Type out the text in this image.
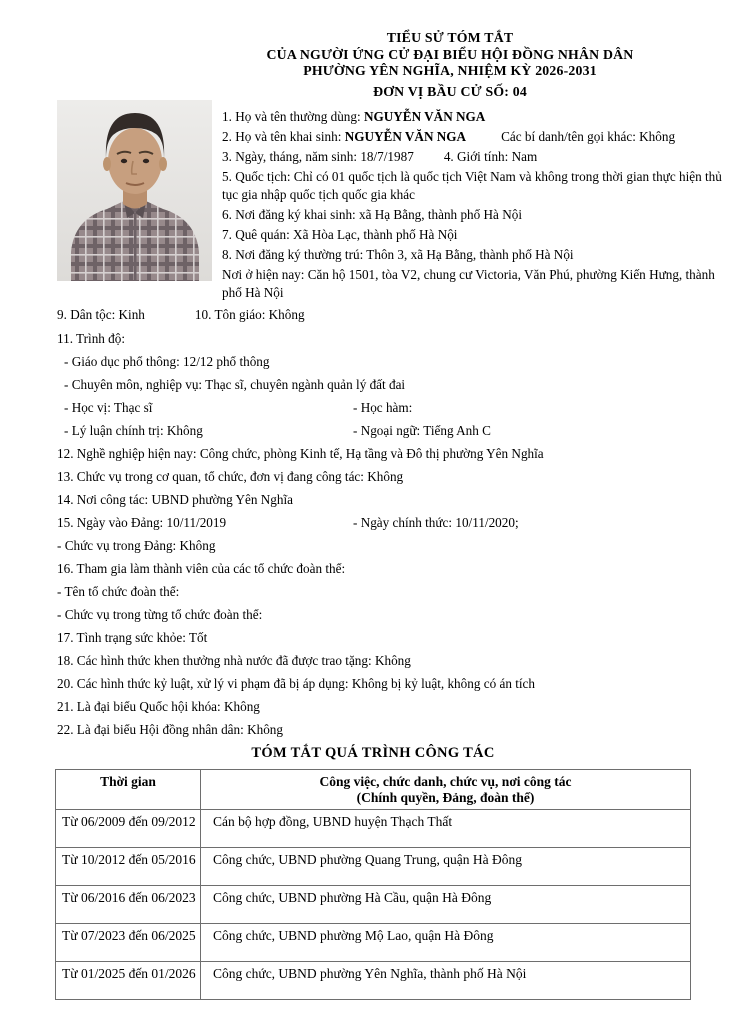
TIỂU SỬ TÓM TẮT
CỦA NGƯỜI ỨNG CỬ ĐẠI BIỂU HỘI ĐỒNG NHÂN DÂN
PHƯỜNG YÊN NGHĨA, NHIỆM KỲ 2026-2031
ĐƠN VỊ BẦU CỬ SỐ: 04
1. Họ và tên thường dùng: NGUYỄN VĂN NGA
2. Họ và tên khai sinh: NGUYỄN VĂN NGA	Các bí danh/tên gọi khác: Không
3. Ngày, tháng, năm sinh: 18/7/1987 4. Giới tính: Nam
5. Quốc tịch: Chỉ có 01 quốc tịch là quốc tịch Việt Nam và không trong thời gian thực hiện thủ tục gia nhập quốc tịch quốc gia khác
6. Nơi đăng ký khai sinh: xã Hạ Bằng, thành phố Hà Nội
7. Quê quán: Xã Hòa Lạc, thành phố Hà Nội
8. Nơi đăng ký thường trú: Thôn 3, xã Hạ Bằng, thành phố Hà Nội
Nơi ở hiện nay: Căn hộ 1501, tòa V2, chung cư Victoria, Văn Phú, phường Kiến Hưng, thành phố Hà Nội
9. Dân tộc: Kinh	10. Tôn giáo: Không
11. Trình độ:
- Giáo dục phổ thông: 12/12 phổ thông
- Chuyên môn, nghiệp vụ: Thạc sĩ, chuyên ngành quản lý đất đai
- Học vị: Thạc sĩ	- Học hàm:
- Lý luận chính trị: Không	- Ngoại ngữ: Tiếng Anh C
12. Nghề nghiệp hiện nay: Công chức, phòng Kinh tế, Hạ tầng và Đô thị phường Yên Nghĩa
13. Chức vụ trong cơ quan, tổ chức, đơn vị đang công tác: Không
14. Nơi công tác: UBND phường Yên Nghĩa
15. Ngày vào Đảng: 10/11/2019	- Ngày chính thức: 10/11/2020;
- Chức vụ trong Đảng: Không
16. Tham gia làm thành viên của các tổ chức đoàn thể:
- Tên tổ chức đoàn thể:
- Chức vụ trong từng tổ chức đoàn thể:
17. Tình trạng sức khỏe: Tốt
18. Các hình thức khen thưởng nhà nước đã được trao tặng: Không
20. Các hình thức kỷ luật, xử lý vi phạm đã bị áp dụng: Không bị kỷ luật, không có án tích
21. Là đại biểu Quốc hội khóa: Không
22. Là đại biểu Hội đồng nhân dân: Không
TÓM TẮT QUÁ TRÌNH CÔNG TÁC
Thời gian	Công việc, chức danh, chức vụ, nơi công tác
(Chính quyền, Đảng, đoàn thể)

Từ 06/2009 đến 09/2012	Cán bộ hợp đồng, UBND huyện Thạch Thất
Từ 10/2012 đến 05/2016	Công chức, UBND phường Quang Trung, quận Hà Đông
Từ 06/2016 đến 06/2023	Công chức, UBND phường Hà Cầu, quận Hà Đông
Từ 07/2023 đến 06/2025	Công chức, UBND phường Mộ Lao, quận Hà Đông
Từ 01/2025 đến 01/2026	Công chức, UBND phường Yên Nghĩa, thành phố Hà Nội
